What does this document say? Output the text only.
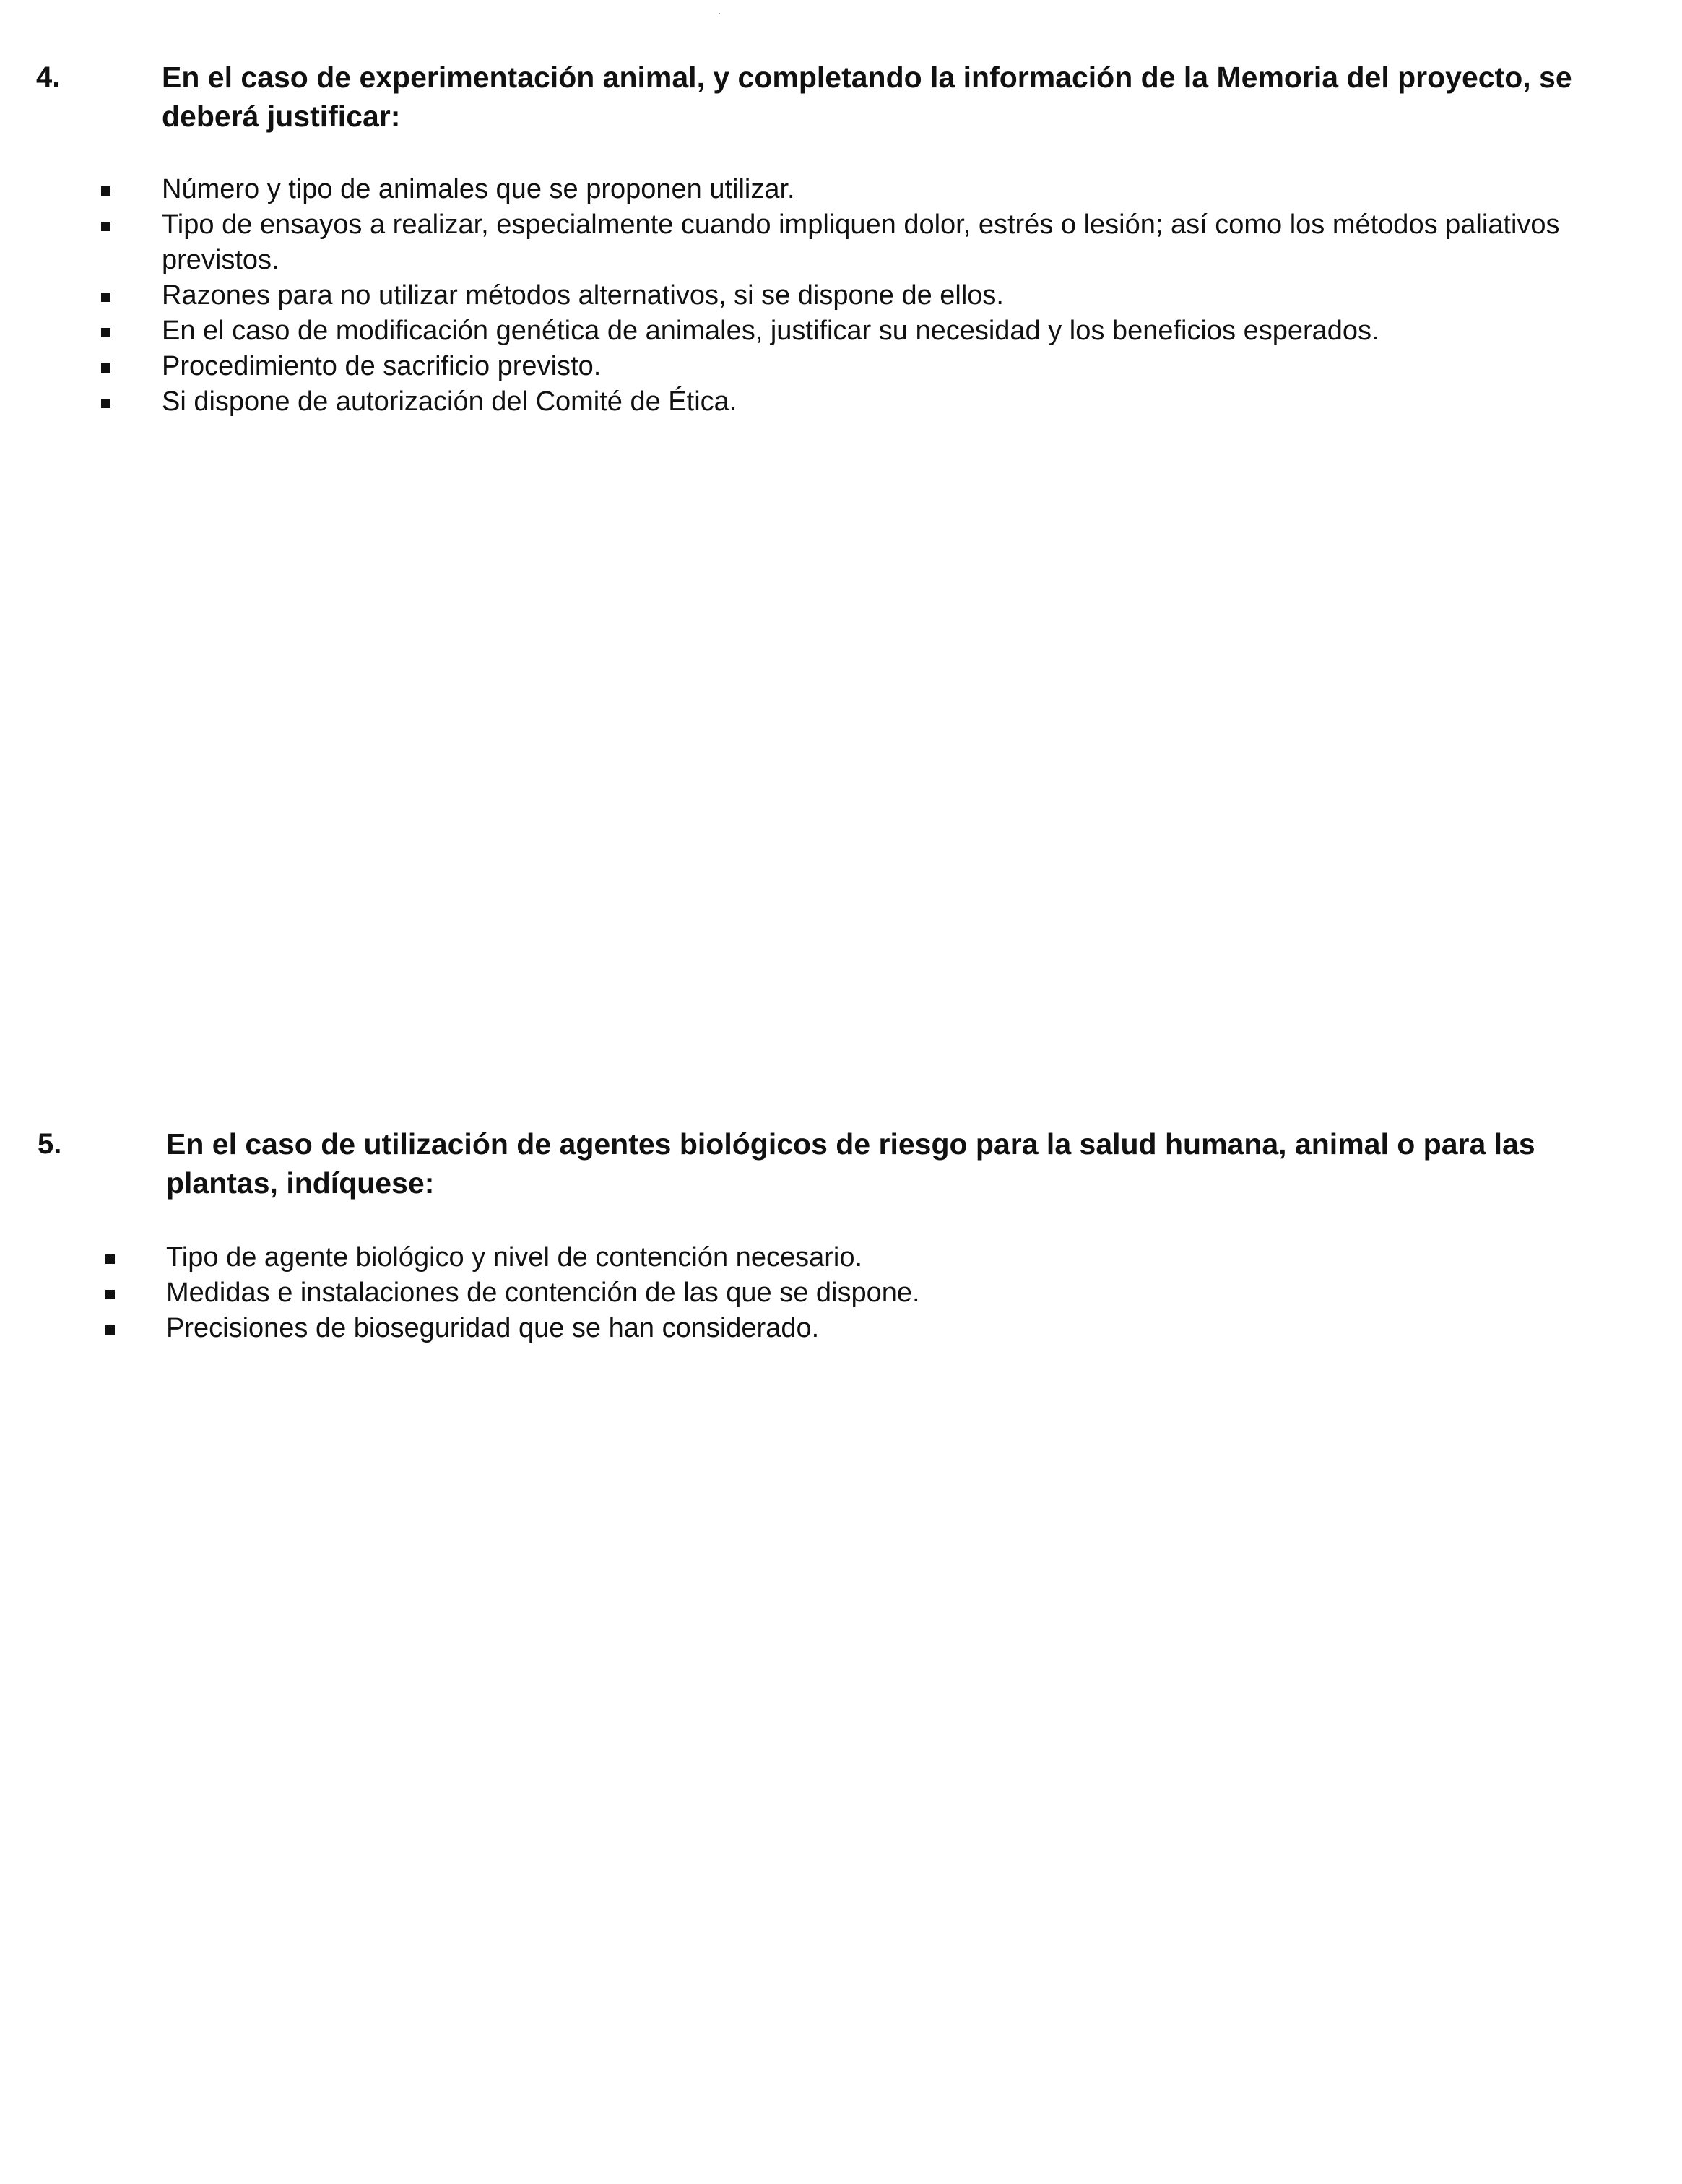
4.	En el caso de experimentación animal, y completando la información de la Memoria del proyecto, se deberá justificar:
Número y tipo de animales que se proponen utilizar.
Tipo de ensayos a realizar, especialmente cuando impliquen dolor, estrés o lesión; así como los métodos paliativos previstos.
Razones para no utilizar métodos alternativos, si se dispone de ellos.
En el caso de modificación genética de animales, justificar su necesidad y los beneficios esperados.
Procedimiento de sacrificio previsto.
Si dispone de autorización del Comité de Ética.
5.	En el caso de utilización de agentes biológicos de riesgo para la salud humana, animal o para las plantas, indíquese:
Tipo de agente biológico y nivel de contención necesario.
Medidas e instalaciones de contención de las que se dispone.
Precisiones de bioseguridad que se han considerado.
